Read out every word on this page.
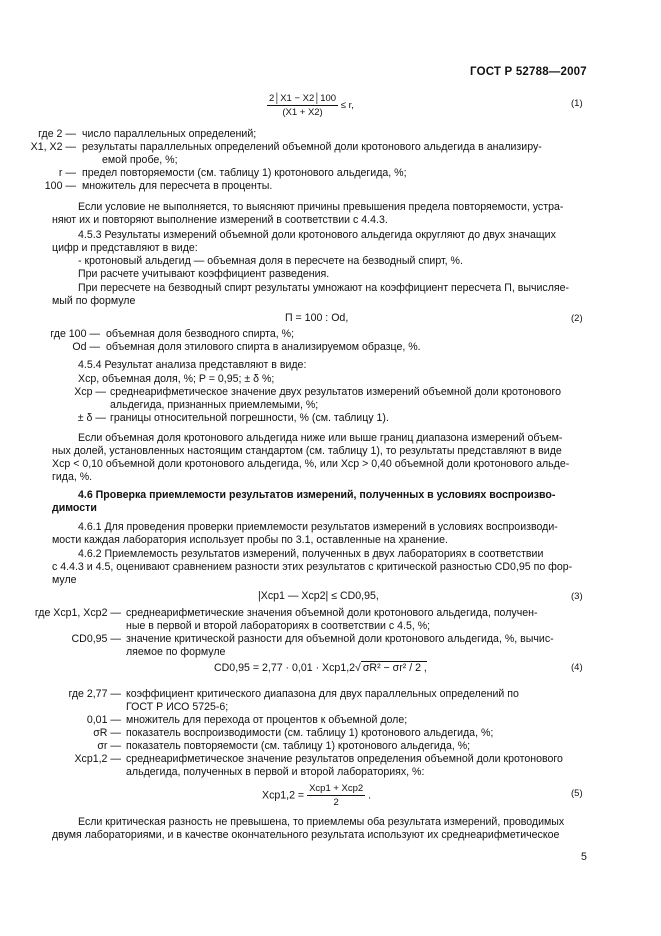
ГОСТ Р 52788—2007
$\frac{2│X1 - X2│100}{(X1 + X2)} \le r$,	(1)
где 2 — число параллельных определений;
X1, X2 — результаты параллельных определений объемной доли кротонового альдегида в анализиру-
емой пробе, %;
r — предел повторяемости (см. таблицу 1) кротонового альдегида, %;
100 — множитель для пересчета в проценты.
Если условие не выполняется, то выясняют причины превышения предела повторяемости, устра-
няют их и повторяют выполнение измерений в соответствии с 4.4.3.
4.5.3 Результаты измерений объемной доли кротонового альдегида округляют до двух значащих
цифр и представляют в виде:
- кротоновый альдегид — объемная доля в пересчете на безводный спирт, %.
При расчете учитывают коэффициент разведения.
При пересчете на безводный спирт результаты умножают на коэффициент пересчета П, вычисляе-
мый по формуле
П = 100 : Od,	(2)
где 100 — объемная доля безводного спирта, %;
Od — объемная доля этилового спирта в анализируемом образце, %.
4.5.4 Результат анализа представляют в виде:
Xср, объемная доля, %; P = 0,95; ± δ %;
Xср — среднеарифметическое значение двух результатов измерений объемной доли кротонового
альдегида, признанных приемлемыми, %;
± δ — границы относительной погрешности, % (см. таблицу 1).
Если объемная доля кротонового альдегида ниже или выше границ диапазона измерений объем-
ных долей, установленных настоящим стандартом (см. таблицу 1), то результаты представляют в виде
Xср < 0,10 объемной доли кротонового альдегида, %, или Xср > 0,40 объемной доли кротонового альде-
гида, %.
4.6 Проверка приемлемости результатов измерений, полученных в условиях воспроизво-
димости
4.6.1 Для проведения проверки приемлемости результатов измерений в условиях воспроизводи-
мости каждая лаборатория использует пробы по 3.1, оставленные на хранение.
4.6.2 Приемлемость результатов измерений, полученных в двух лабораториях в соответствии
с 4.4.3 и 4.5, оценивают сравнением разности этих результатов с критической разностью CD0,95 по фор-
муле
|Xср1 — Xср2| ≤ CD0,95,	(3)
где Xср1, Xср2 — среднеарифметические значения объемной доли кротонового альдегида, получен-
ные в первой и второй лабораториях в соответствии с 4.5, %;
CD0,95 — значение критической разности для объемной доли кротонового альдегида, %, вычис-
ляемое по формуле
CD0,95 = 2,77 · 0,01 · Xср1,2√ σR² − σr² / 2 ,	(4)
где 2,77 — коэффициент критического диапазона для двух параллельных определений по
ГОСТ Р ИСО 5725-6;
0,01 — множитель для перехода от процентов к объемной доле;
σR — показатель воспроизводимости (см. таблицу 1) кротонового альдегида, %;
σr — показатель повторяемости (см. таблицу 1) кротонового альдегида, %;
Xср1,2 — среднеарифметическое значение результатов определения объемной доли кротонового
альдегида, полученных в первой и второй лабораториях, %:
$Xср1,2 = \frac{\text{Xср1 + Xср2}}{2}$ .	(5)
Если критическая разность не превышена, то приемлемы оба результата измерений, проводимых
двумя лабораториями, и в качестве окончательного результата используют их среднеарифметическое
5
